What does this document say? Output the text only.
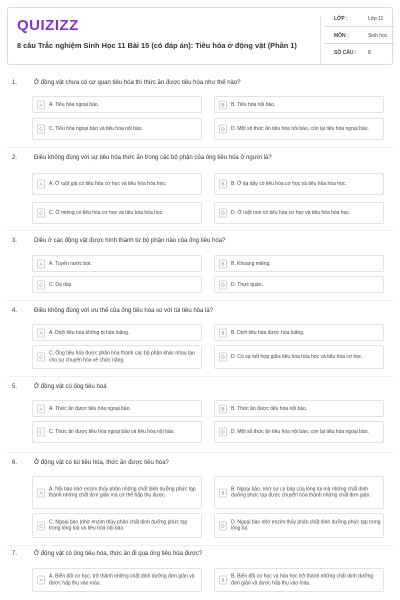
QUIZIZZ
8 câu Trắc nghiệm Sinh Học 11 Bài 15 (có đáp án): Tiêu hóa ở động vật (Phần 1)
LỚP :	Lớp 11
MÔN :	Sinh học
SỐ CÂU : 8
1.	Ở động vật chưa có cơ quan tiêu hóa thì thức ăn được tiêu hóa như thế nào?
A	A. Tiêu hóa ngoại bào.	B	B. Tiêu hóa nội bào.
C	C. Tiêu hóa ngoại bào và tiêu hóa nội bào.	D	D. Một số thức ăn tiêu hóa nội bào, còn lại tiêu hóa ngoại bào.
2.	Điều không đúng với sự tiêu hóa thức ăn trong các bộ phận của ống tiêu hóa ở người là?
A	A. Ở ruột già có tiêu hóa cơ học và tiêu hóa hóa học.	B	B. Ở dạ dày có tiêu hóa cơ học và tiêu hóa hóa học.
C	C. Ở miệng có tiêu hóa cơ học và tiêu hóa hóa học.	D	D. Ở ruột non có tiêu hóa cơ học và tiêu hóa hóa học.
3.	Diều ở các động vật được hình thành từ bộ phận nào của ống tiêu hóa?
A	A. Tuyến nước bọt.	B	B. Khoang miệng.
C	C. Dạ dày.	D	D. Thực quản.
4.	Điều không đúng với ưu thế của ống tiêu hóa so với túi tiêu hóa là?
A	A. Dịch tiêu hóa không bị hòa loãng.	B	B. Dịch tiêu hóa được hòa loãng.
C
C. Ống tiêu hóa được phân hóa thành các bộ phận khác nhau tạo cho sự chuyên hóa về chức năng.	D	D. Có sự kết hợp giữa tiêu hóa hóa học và tiêu hóa cơ học.
5.	Ở động vật có ống tiêu hoá
A	A. Thức ăn được tiêu hóa ngoại bào.	B	B. Thức ăn được tiêu hóa nội bào.
C	C. Thức ăn được tiêu hóa ngoại bào và tiêu hóa nội bào.	D	D. Một số thức ăn tiêu hóa nội bào, còn lại tiêu hóa ngoại bào.
6.	Ở động vật có túi tiêu hóa, thức ăn được tiêu hóa?
A
A. Nội bào nhờ enzim thủy phân những chất dinh dưỡng phức tạp thành những chất đơn giản mà cơ thể hấp thụ được.	B
B. Ngoại bào, nhờ sự co bóp của lòng túi mà những chất dinh dưỡng phức tạp được chuyển hóa thành những chất đơn giản.
C
C. Ngoại bào (nhờ enzim thủy phân chất dinh dưỡng phức tạp trong lòng túi) và tiêu hóa nội bào.	D
D. Ngoại bào nhờ enzim thủy phân chất dinh dưỡng phức tạp trong lòng túi.
7.	Ở động vật có ống tiêu hóa, thức ăn đi qua ống tiêu hóa được?
A
A. Biến đổi cơ học, trở thành những chất dinh dưỡng đơn giản và được hấp thụ vào máu.	B
B. Biến đổi cơ học và hóa học trở thành những chất dinh dưỡng đơn giản và được hấp thụ vào máu.
